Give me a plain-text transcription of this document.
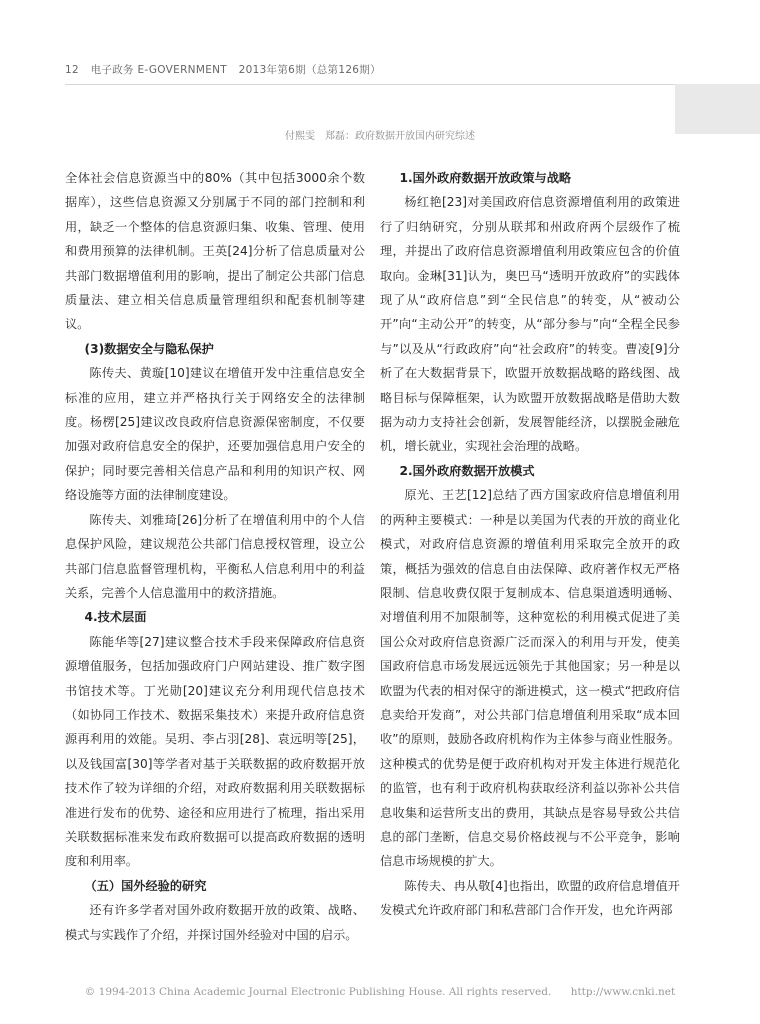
12 电子政务 E-GOVERNMENT 2013年第6期（总第126期）
付熙雯　郑磊：政府数据开放国内研究综述

全体社会信息资源当中的80%（其中包括3000余个数据库），这些信息资源又分别属于不同的部门控制和利用，缺乏一个整体的信息资源归集、收集、管理、使用和费用预算的法律机制。王英[24]分析了信息质量对公共部门数据增值利用的影响，提出了制定公共部门信息质量法、建立相关信息质量管理组织和配套机制等建议。

(3)数据安全与隐私保护

陈传夫、黄璇[10]建议在增值开发中注重信息安全标准的应用，建立并严格执行关于网络安全的法律制度。杨楞[25]建议改良政府信息资源保密制度，不仅要加强对政府信息安全的保护，还要加强信息用户安全的保护；同时要完善相关信息产品和利用的知识产权、网络设施等方面的法律制度建设。

陈传夫、刘雅琦[26]分析了在增值利用中的个人信息保护风险，建议规范公共部门信息授权管理，设立公共部门信息监督管理机构，平衡私人信息利用中的利益关系，完善个人信息滥用中的救济措施。

4.技术层面

陈能华等[27]建议整合技术手段来保障政府信息资源增值服务，包括加强政府门户网站建设、推广数字图书馆技术等。丁光勋[20]建议充分利用现代信息技术（如协同工作技术、数据采集技术）来提升政府信息资源再利用的效能。吴玥、李占羽[28]、袁远明等[25]，以及钱国富[30]等学者对基于关联数据的政府数据开放技术作了较为详细的介绍，对政府数据利用关联数据标准进行发布的优势、途径和应用进行了梳理，指出采用关联数据标准来发布政府数据可以提高政府数据的透明度和利用率。

（五）国外经验的研究

还有许多学者对国外政府数据开放的政策、战略、模式与实践作了介绍，并探讨国外经验对中国的启示。

1.国外政府数据开放政策与战略

杨红艳[23]对美国政府信息资源增值利用的政策进行了归纳研究，分别从联邦和州政府两个层级作了梳理，并提出了政府信息资源增值利用政策应包含的价值取向。金琳[31]认为，奥巴马“透明开放政府”的实践体现了从“政府信息”到“全民信息”的转变，从“被动公开”向“主动公开”的转变，从“部分参与”向“全程全民参与”以及从“行政政府”向“社会政府”的转变。曹凌[9]分析了在大数据背景下，欧盟开放数据战略的路线图、战略目标与保障框架，认为欧盟开放数据战略是借助大数据为动力支持社会创新，发展智能经济，以摆脱金融危机，增长就业，实现社会治理的战略。

2.国外政府数据开放模式

原光、王艺[12]总结了西方国家政府信息增值利用的两种主要模式：一种是以美国为代表的开放的商业化模式，对政府信息资源的增值利用采取完全放开的政策，概括为强效的信息自由法保障、政府著作权无严格限制、信息收费仅限于复制成本、信息渠道透明通畅、对增值利用不加限制等，这种宽松的利用模式促进了美国公众对政府信息资源广泛而深入的利用与开发，使美国政府信息市场发展远远领先于其他国家；另一种是以欧盟为代表的相对保守的渐进模式，这一模式“把政府信息卖给开发商”，对公共部门信息增值利用采取“成本回收”的原则，鼓励各政府机构作为主体参与商业性服务。这种模式的优势是便于政府机构对开发主体进行规范化的监管，也有利于政府机构获取经济利益以弥补公共信息收集和运营所支出的费用，其缺点是容易导致公共信息的部门垄断，信息交易价格歧视与不公平竞争，影响信息市场规模的扩大。

陈传夫、冉从敬[4]也指出，欧盟的政府信息增值开发模式允许政府部门和私营部门合作开发，也允许两部

© 1994-2013 China Academic Journal Electronic Publishing House. All rights reserved. http://www.cnki.net
